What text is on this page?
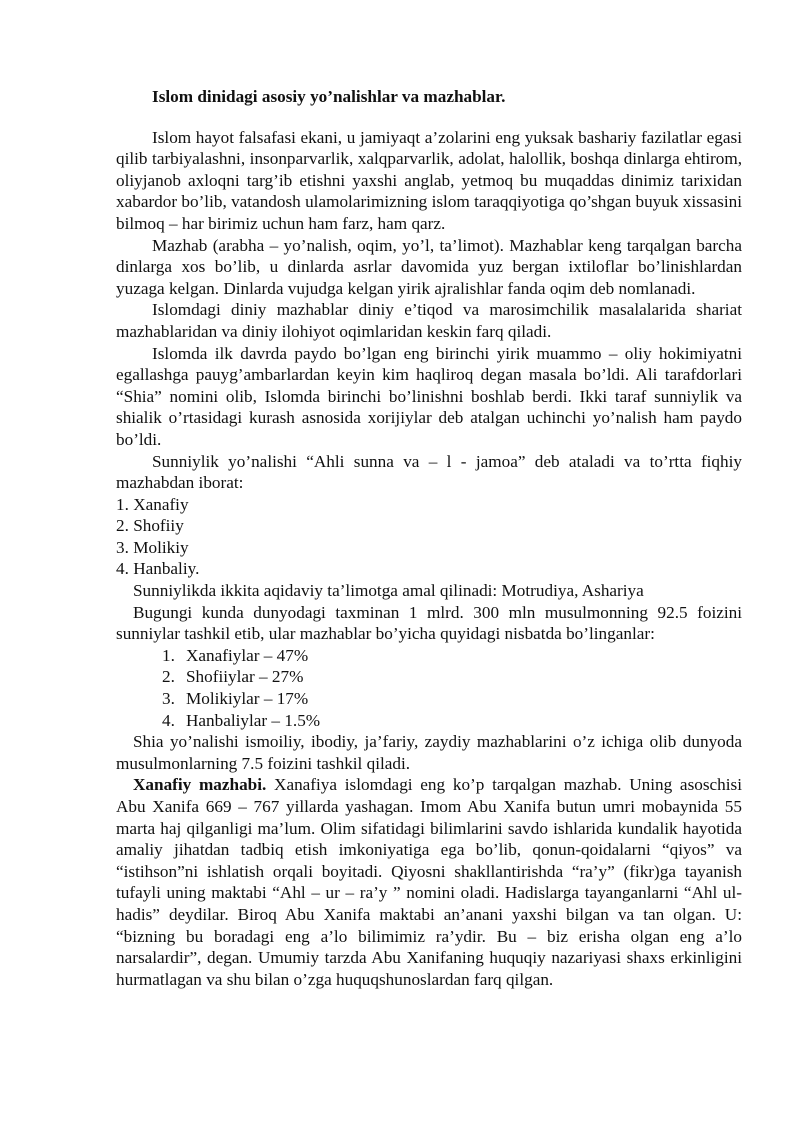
Islom dinidagi asosiy yo’nalishlar va mazhablar.

Islom hayot falsafasi ekani, u jamiyaqt a’zolarini eng yuksak bashariy fazilatlar egasi qilib tarbiyalashni, insonparvarlik, xalqparvarlik, adolat, halollik, boshqa dinlarga ehtirom, oliyjanob axloqni targ’ib etishni yaxshi anglab, yetmoq bu muqaddas dinimiz tarixidan xabardor bo’lib, vatandosh ulamolarimizning islom taraqqiyotiga qo’shgan buyuk xissasini bilmoq – har birimiz uchun ham farz, ham qarz.

Mazhab (arabha – yo’nalish, oqim, yo’l, ta’limot). Mazhablar keng tarqalgan barcha dinlarga xos bo’lib, u dinlarda asrlar davomida yuz bergan ixtiloflar bo’linishlardan yuzaga kelgan. Dinlarda vujudga kelgan yirik ajralishlar fanda oqim deb nomlanadi.

Islomdagi diniy mazhablar diniy e’tiqod va marosimchilik masalalarida shariat mazhablaridan va diniy ilohiyot oqimlaridan keskin farq qiladi.

Islomda ilk davrda paydo bo’lgan eng birinchi yirik muammo – oliy hokimiyatni egallashga pauyg’ambarlardan keyin kim haqliroq degan masala bo’ldi. Ali tarafdorlari “Shia” nomini olib, Islomda birinchi bo’linishni boshlab berdi. Ikki taraf sunniylik va shialik o’rtasidagi kurash asnosida xorijiylar deb atalgan uchinchi yo’nalish ham paydo bo’ldi.

Sunniylik yo’nalishi “Ahli sunna va – l - jamoa” deb ataladi va to’rtta fiqhiy mazhabdan iborat:

1. Xanafiy
2. Shofiiy
3. Molikiy
4. Hanbaliy.

Sunniylikda ikkita aqidaviy ta’limotga amal qilinadi: Motrudiya, Ashariya

Bugungi kunda dunyodagi taxminan 1 mlrd. 300 mln musulmonning 92.5 foizini sunniylar tashkil etib, ular mazhablar bo’yicha quyidagi nisbatda bo’linganlar:

1. Xanafiylar – 47%
2. Shofiiylar – 27%
3. Molikiylar – 17%
4. Hanbaliylar – 1.5%

Shia yo’nalishi ismoiliy, ibodiy, ja’fariy, zaydiy mazhablarini o’z ichiga olib dunyoda musulmonlarning 7.5 foizini tashkil qiladi.

Xanafiy mazhabi. Xanafiya islomdagi eng ko’p tarqalgan mazhab. Uning asoschisi Abu Xanifa 669 – 767 yillarda yashagan. Imom Abu Xanifa butun umri mobaynida 55 marta haj qilganligi ma’lum. Olim sifatidagi bilimlarini savdo ishlarida kundalik hayotida amaliy jihatdan tadbiq etish imkoniyatiga ega bo’lib, qonun-qoidalarni “qiyos” va “istihson”ni ishlatish orqali boyitadi. Qiyosni shakllantirishda “ra’y” (fikr)ga tayanish tufayli uning maktabi “Ahl – ur – ra’y ” nomini oladi. Hadislarga tayanganlarni “Ahl ul-hadis” deydilar. Biroq Abu Xanifa maktabi an’anani yaxshi bilgan va tan olgan. U: “bizning bu boradagi eng a’lo bilimimiz ra’ydir. Bu – biz erisha olgan eng a’lo narsalardir”, degan. Umumiy tarzda Abu Xanifaning huquqiy nazariyasi shaxs erkinligini hurmatlagan va shu bilan o’zga huquqshunoslardan farq qilgan.
